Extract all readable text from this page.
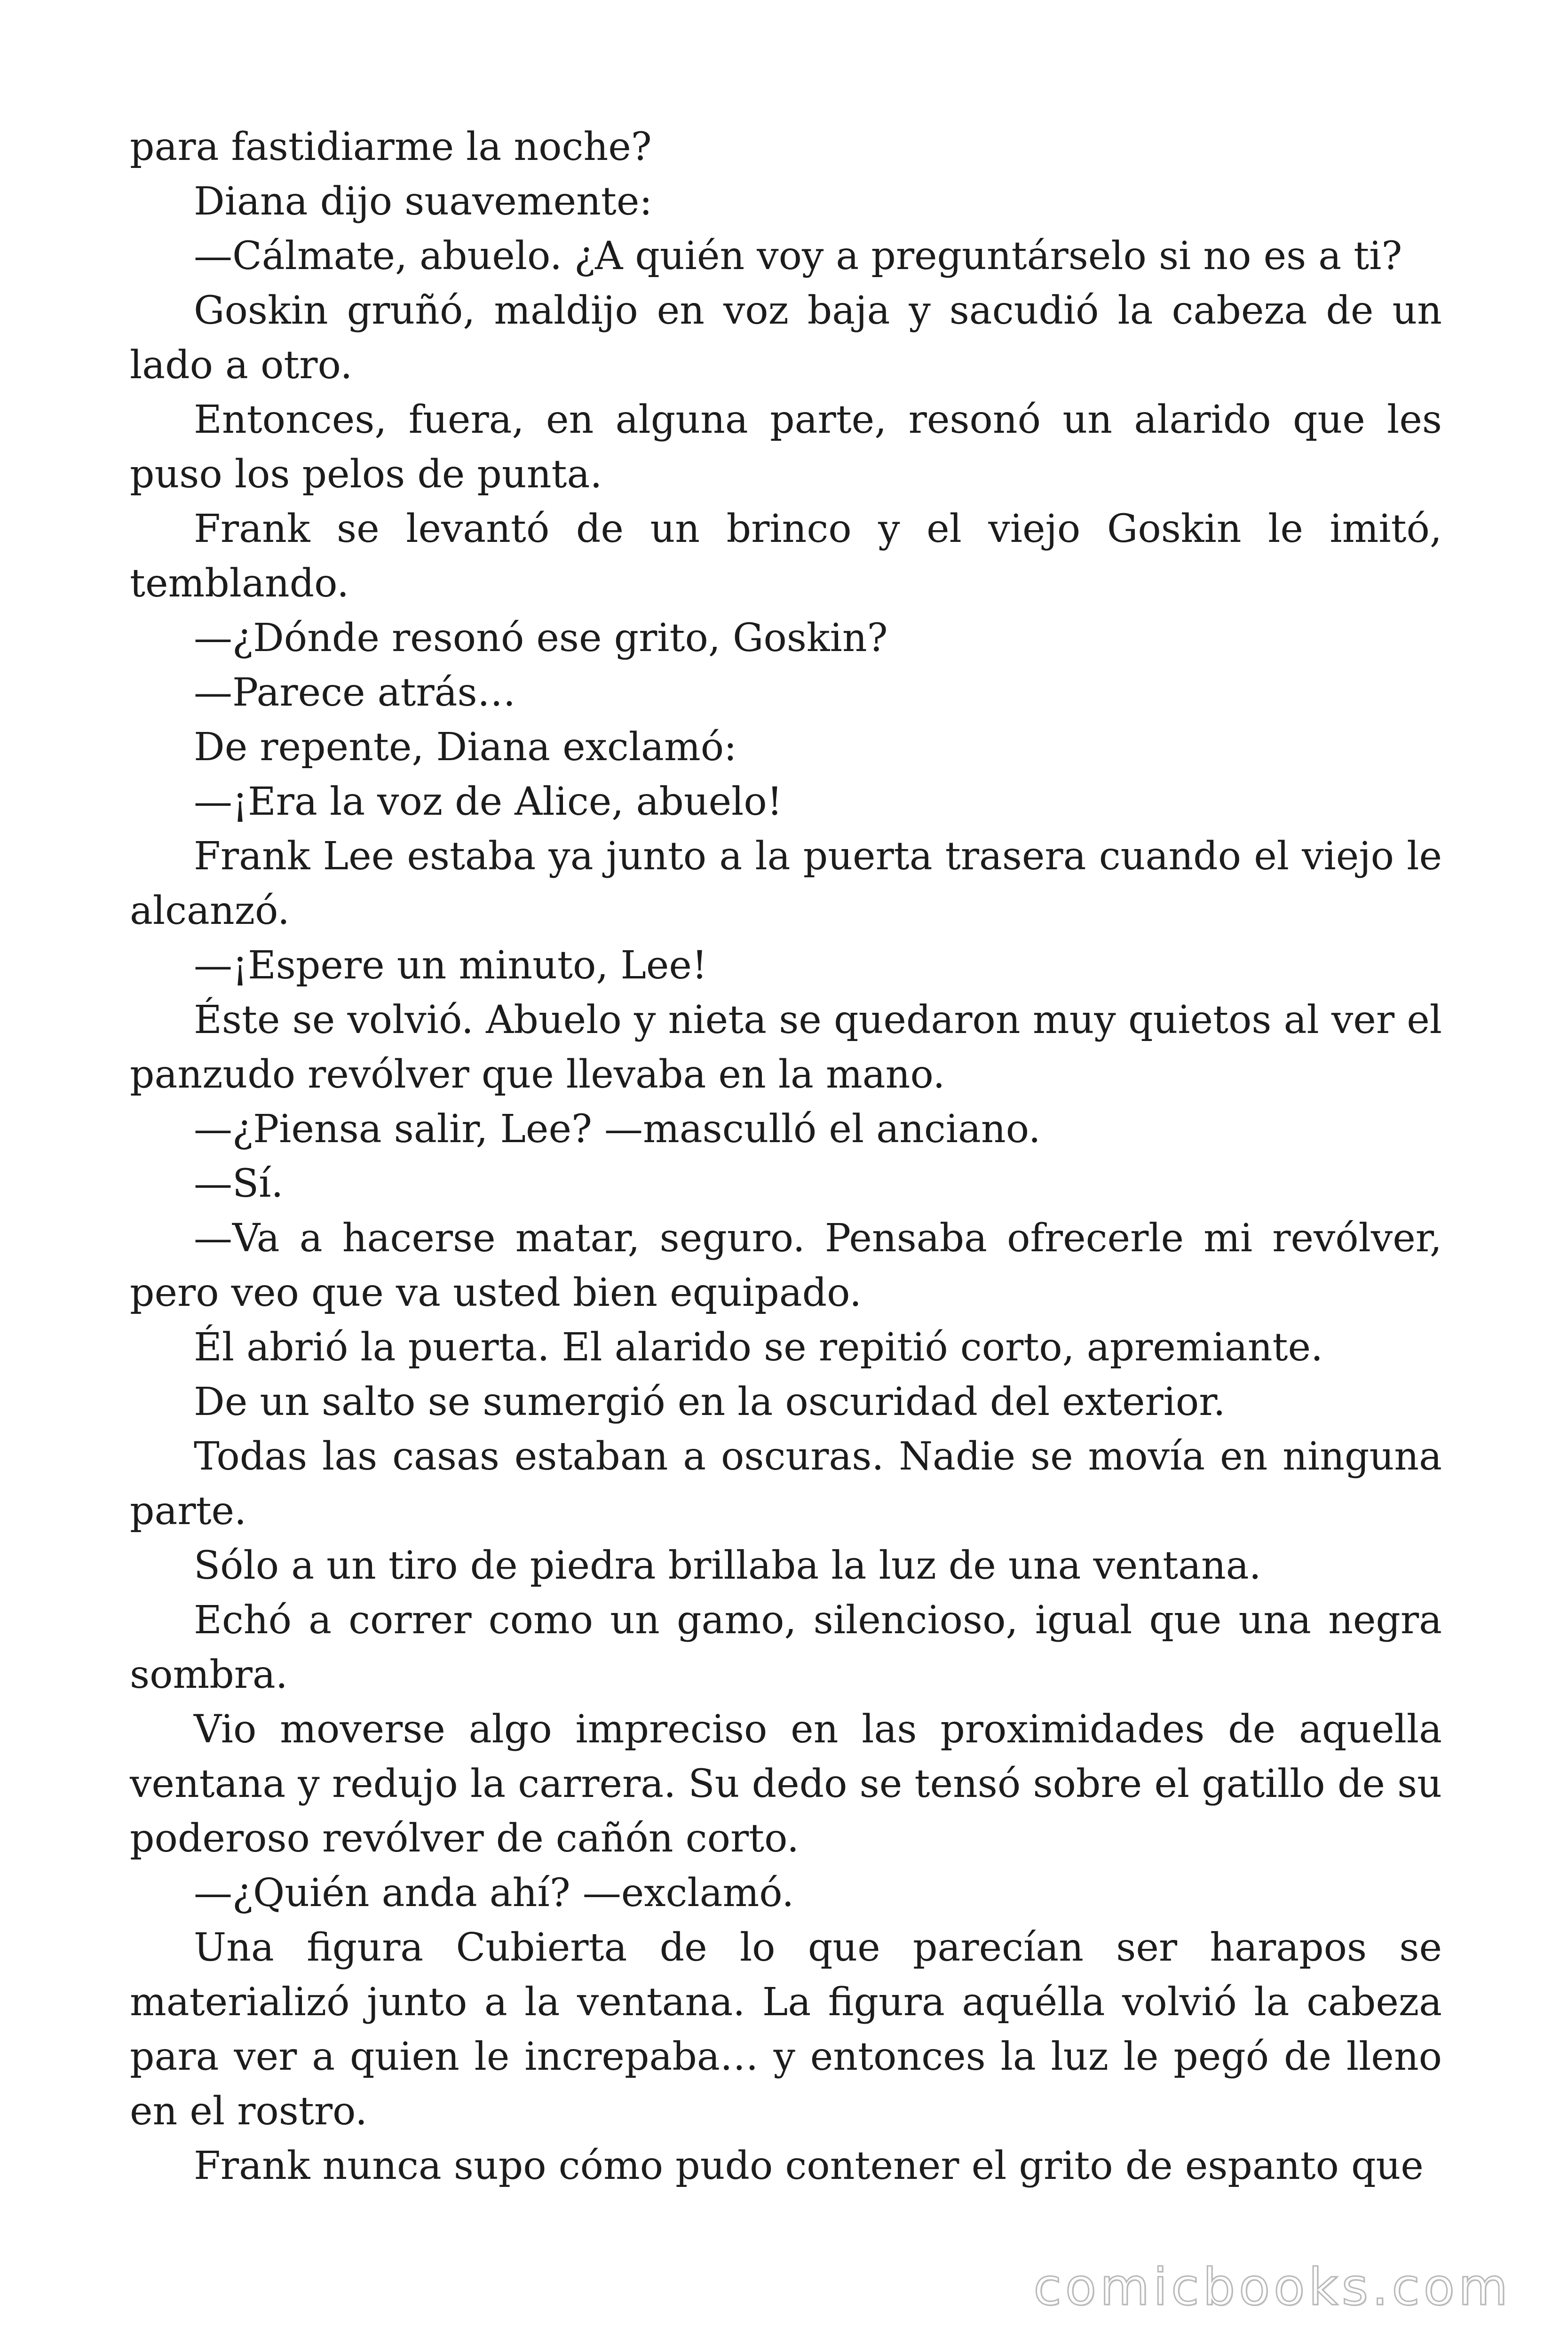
para fastidiarme la noche?

Diana dijo suavemente:

—Cálmate, abuelo. ¿A quién voy a preguntárselo si no es a ti?

Goskin gruñó, maldijo en voz baja y sacudió la cabeza de un lado a otro.

Entonces, fuera, en alguna parte, resonó un alarido que les puso los pelos de punta.

Frank se levantó de un brinco y el viejo Goskin le imitó, temblando.

—¿Dónde resonó ese grito, Goskin?

—Parece atrás…

De repente, Diana exclamó:

—¡Era la voz de Alice, abuelo!

Frank Lee estaba ya junto a la puerta trasera cuando el viejo le alcanzó.

—¡Espere un minuto, Lee!

Éste se volvió. Abuelo y nieta se quedaron muy quietos al ver el panzudo revólver que llevaba en la mano.

—¿Piensa salir, Lee? —masculló el anciano.

—Sí.

—Va a hacerse matar, seguro. Pensaba ofrecerle mi revólver, pero veo que va usted bien equipado.

Él abrió la puerta. El alarido se repitió corto, apremiante.

De un salto se sumergió en la oscuridad del exterior.

Todas las casas estaban a oscuras. Nadie se movía en ninguna parte.

Sólo a un tiro de piedra brillaba la luz de una ventana.

Echó a correr como un gamo, silencioso, igual que una negra sombra.

Vio moverse algo impreciso en las proximidades de aquella ventana y redujo la carrera. Su dedo se tensó sobre el gatillo de su poderoso revólver de cañón corto.

—¿Quién anda ahí? —exclamó.

Una figura Cubierta de lo que parecían ser harapos se materializó junto a la ventana. La figura aquélla volvió la cabeza para ver a quien le increpaba… y entonces la luz le pegó de lleno en el rostro.

Frank nunca supo cómo pudo contener el grito de espanto que

comicbooks.com
